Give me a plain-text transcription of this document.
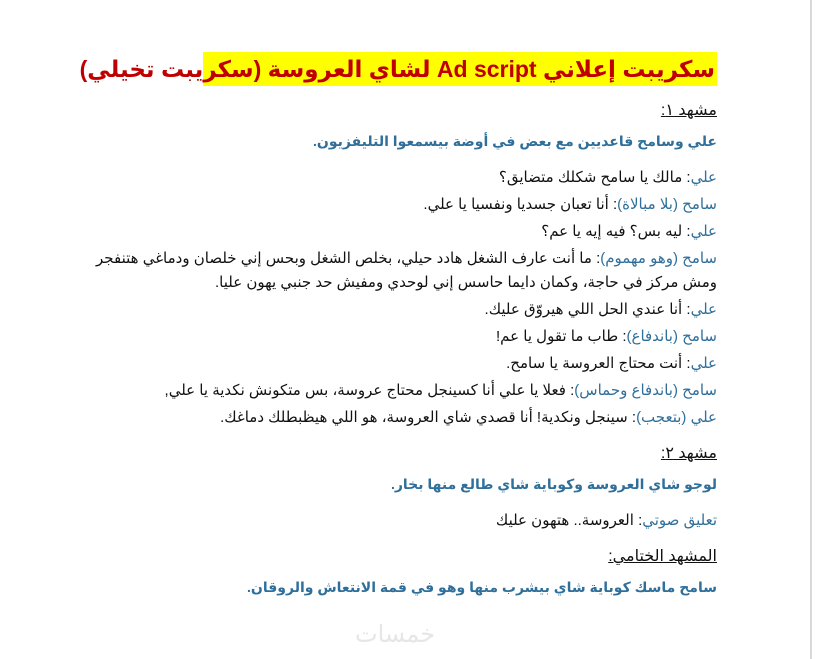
سكريبت إعلاني Ad script لشاي العروسة (سكريبت تخيلي)
مشهد ١:
علي وسامح قاعديين مع بعض في أوضة بيسمعوا التليفزيون.
علي: مالك يا سامح شكلك متضايق؟
سامح (بلا مبالاة): أنا تعبان جسديا ونفسيا يا علي.
علي: ليه بس؟ فيه إيه يا عم؟
سامح (وهو مهموم): ما أنت عارف الشغل هادد حيلي، بخلص الشغل وبحس إني خلصان ودماغي هتنفجر ومش مركز في حاجة، وكمان دايما حاسس إني لوحدي ومفيش حد جنبي يهون عليا.
علي: أنا عندي الحل اللي هيروّق عليك.
سامح (باندفاع): طاب ما تقول يا عم!
علي: أنت محتاج العروسة يا سامح.
سامح (باندفاع وحماس): فعلا يا علي أنا كسينجل محتاج عروسة، بس متكونش نكدية يا علي,
علي (بتعجب): سينجل ونكدية! أنا قصدي شاي العروسة، هو اللي هيظبطلك دماغك.
مشهد ٢:
لوجو شاي العروسة وكوباية شاي طالع منها بخار.
تعليق صوتي: العروسة.. هتهون عليك
المشهد الختامي:
سامح ماسك كوباية شاي بيشرب منها وهو في قمة الانتعاش والروقان.
خمسات
